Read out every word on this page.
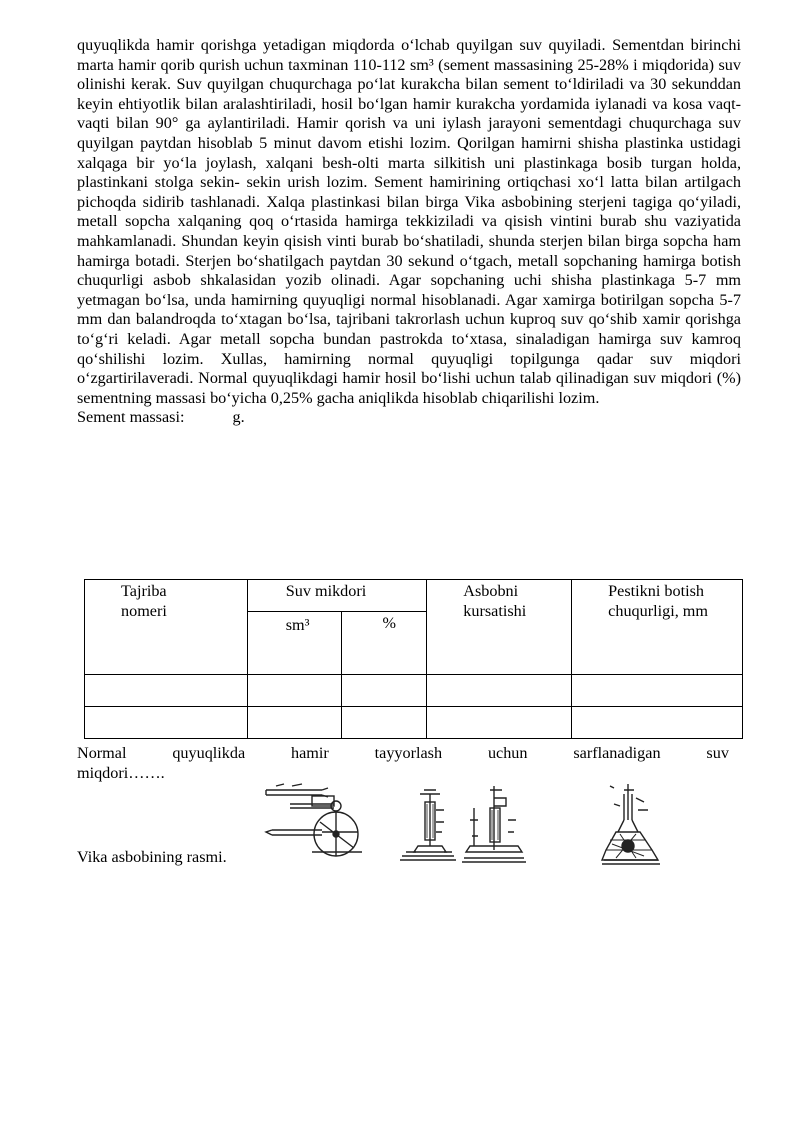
quyuqlikda hamir qorishga yetadigan miqdorda o‘lchab quyilgan suv quyiladi. Sementdan birinchi marta hamir qorib qurish uchun taxminan 110-112 sm³ (sement massasining 25-28% i miqdorida) suv olinishi kerak. Suv quyilgan chuqurchaga po‘lat kurakcha bilan sement to‘ldiriladi va 30 sekunddan keyin ehtiyotlik bilan aralashtiriladi, hosil bo‘lgan hamir kurakcha yordamida iylanadi va kosa vaqt-vaqti bilan 90° ga aylantiriladi. Hamir qorish va uni iylash jarayoni sementdagi chuqurchaga suv quyilgan paytdan hisoblab 5 minut davom etishi lozim. Qorilgan hamirni shisha plastinka ustidagi xalqaga bir yo‘la joylash, xalqani besh-olti marta silkitish uni plastinkaga bosib turgan holda, plastinkani stolga sekin- sekin urish lozim. Sement hamirining ortiqchasi xo‘l latta bilan artilgach pichoqda sidirib tashlanadi. Xalqa plastinkasi bilan birga Vika asbobining sterjeni tagiga qo‘yiladi, metall sopcha xalqaning qoq o‘rtasida hamirga tekkiziladi va qisish vintini burab shu vaziyatida mahkamlanadi. Shundan keyin qisish vinti burab bo‘shatiladi, shunda sterjen bilan birga sopcha ham hamirga botadi. Sterjen bo‘shatilgach paytdan 30 sekund o‘tgach, metall sopchaning hamirga botish chuqurligi asbob shkalasidan yozib olinadi. Agar sopchaning uchi shisha plastinkaga 5-7 mm yetmagan bo‘lsa, unda hamirning quyuqligi normal hisoblanadi. Agar xamirga botirilgan sopcha 5-7 mm dan balandroqda to‘xtagan bo‘lsa, tajribani takrorlash uchun kuproq suv qo‘shib xamir qorishga to‘g‘ri keladi. Agar metall sopcha bundan pastrokda to‘xtasa, sinaladigan hamirga suv kamroq qo‘shilishi lozim. Xullas, hamirning normal quyuqligi topilgunga qadar suv miqdori o‘zgartirilaveradi. Normal quyuqlikdagi hamir hosil bo‘lishi uchun talab qilinadigan suv miqdori (%) sementning massasi bo‘yicha 0,25% gacha aniqlikda hisoblab chiqarilishi lozim.

Sement massasi:	g.

Tajriba nomeri	Suv mikdori		Asbobni kursatishi	Pestikni botish chuqurligi, mm

	sm³	%		

Normal	quyuqlikda	hamir	tayyorlash	uchun	sarflanadigan	suv
miqdori…….
Vika asbobining rasmi.
